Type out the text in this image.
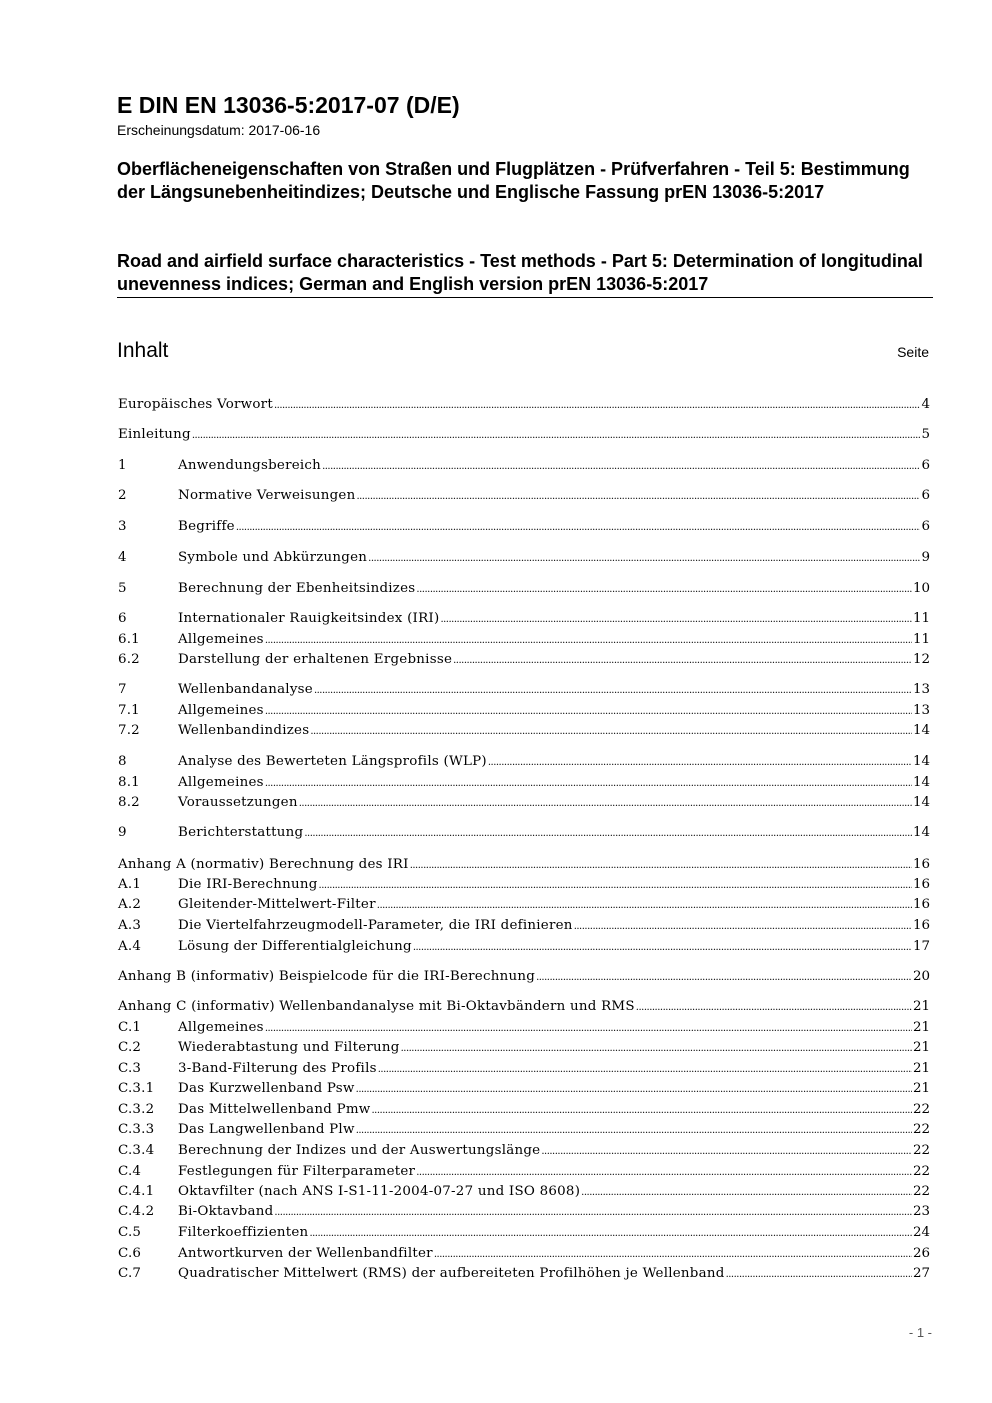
E DIN EN 13036-5:2017-07 (D/E)
Erscheinungsdatum: 2017-06-16
Oberflächeneigenschaften von Straßen und Flugplätzen - Prüfverfahren - Teil 5: Bestimmung der Längsunebenheitindizes; Deutsche und Englische Fassung prEN 13036-5:2017
Road and airfield surface characteristics - Test methods - Part 5: Determination of longitudinal unevenness indices; German and English version prEN 13036-5:2017
Inhalt	Seite
Europäisches Vorwort .....	4
Einleitung .....	5
1	Anwendungsbereich .....	6
2	Normative Verweisungen .....	6
3	Begriffe .....	6
4	Symbole und Abkürzungen .....	9
5	Berechnung der Ebenheitsindizes .....	10
6	Internationaler Rauigkeitsindex (IRI) .....	11
6.1	Allgemeines .....	11
6.2	Darstellung der erhaltenen Ergebnisse .....	12
7	Wellenbandanalyse .....	13
7.1	Allgemeines .....	13
7.2	Wellenbandindizes .....	14
8	Analyse des Bewerteten Längsprofils (WLP) .....	14
8.1	Allgemeines .....	14
8.2	Voraussetzungen .....	14
9	Berichterstattung .....	14
Anhang A (normativ) Berechnung des IRI .....	16
A.1	Die IRI-Berechnung .....	16
A.2	Gleitender-Mittelwert-Filter .....	16
A.3	Die Viertelfahrzeugmodell-Parameter, die IRI definieren .....	16
A.4	Lösung der Differentialgleichung .....	17
Anhang B (informativ) Beispielcode für die IRI-Berechnung .....	20
Anhang C (informativ) Wellenbandanalyse mit Bi-Oktavbändern und RMS .....	21
C.1	Allgemeines .....	21
C.2	Wiederabtastung und Filterung .....	21
C.3	3-Band-Filterung des Profils .....	21
C.3.1	Das Kurzwellenband Psw .....	21
C.3.2	Das Mittelwellenband Pmw .....	22
C.3.3	Das Langwellenband Plw .....	22
C.3.4	Berechnung der Indizes und der Auswertungslänge .....	22
C.4	Festlegungen für Filterparameter .....	22
C.4.1	Oktavfilter (nach ANS I-S1-11-2004-07-27 und ISO 8608) .....	22
C.4.2	Bi-Oktavband .....	23
C.5	Filterkoeffizienten .....	24
C.6	Antwortkurven der Wellenbandfilter .....	26
C.7	Quadratischer Mittelwert (RMS) der aufbereiteten Profilhöhen je Wellenband .....	27
- 1 -
